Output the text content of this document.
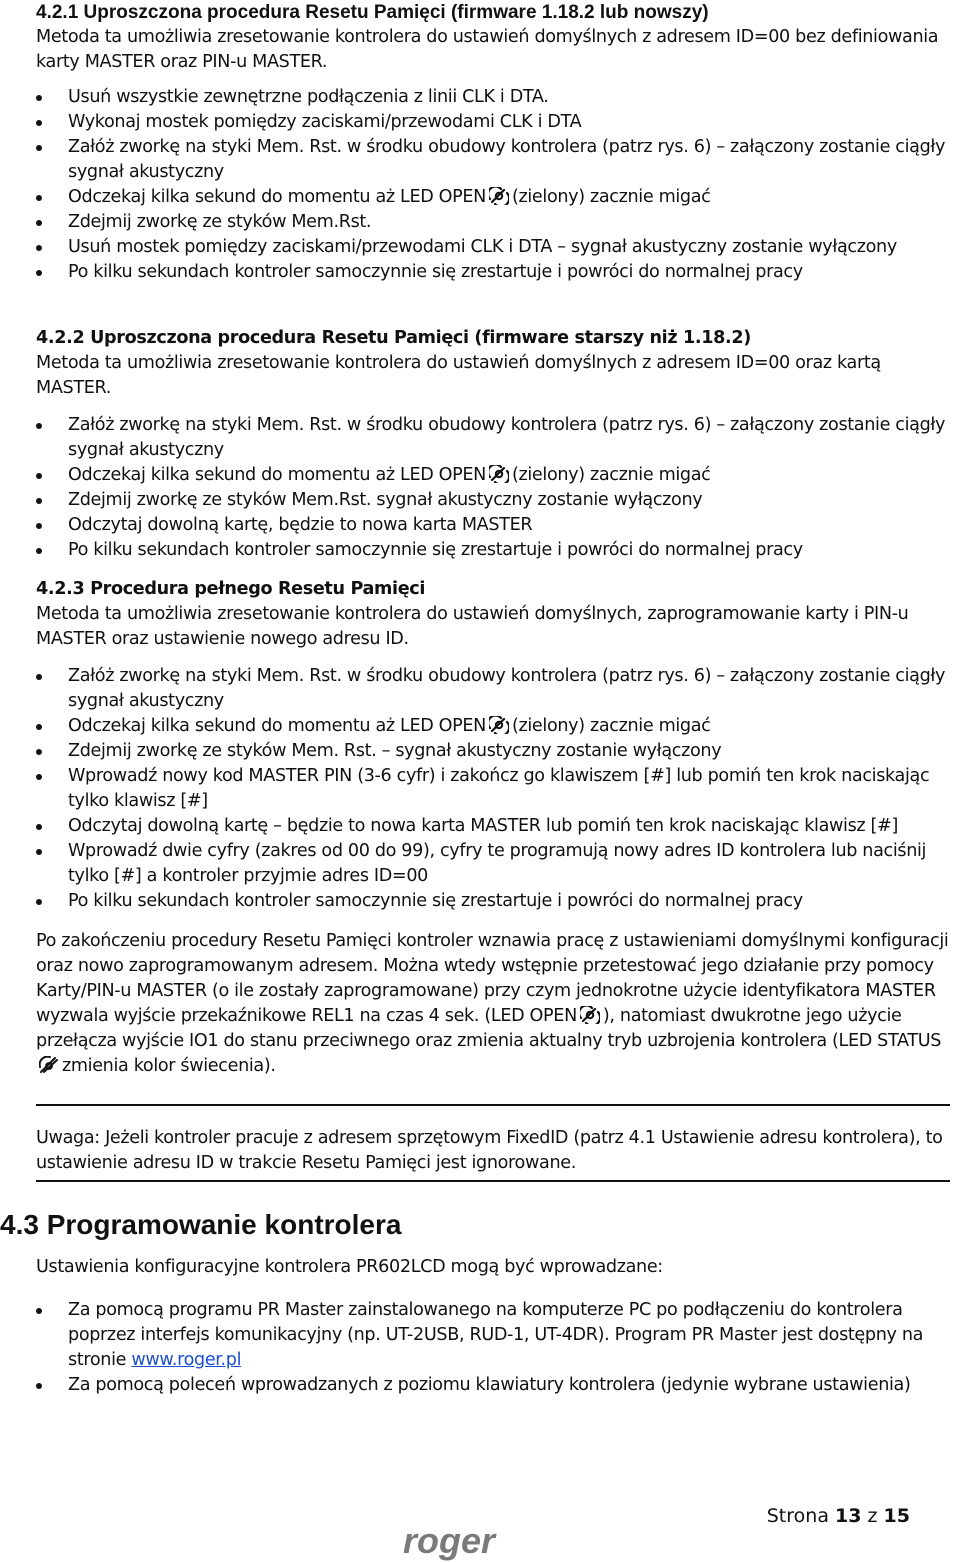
4.2.1 Uproszczona procedura Resetu Pamięci (firmware 1.18.2 lub nowszy)

Metoda ta umożliwia zresetowanie kontrolera do ustawień domyślnych z adresem ID=00 bez definiowania karty MASTER oraz PIN-u MASTER.

Usuń wszystkie zewnętrzne podłączenia z linii CLK i DTA.
Wykonaj mostek pomiędzy zaciskami/przewodami CLK i DTA
Załóż zworkę na styki Mem. Rst. w środku obudowy kontrolera (patrz rys. 6) – załączony zostanie ciągły sygnał akustyczny
Odczekaj kilka sekund do momentu aż LED OPEN (zielony) zacznie migać
Zdejmij zworkę ze styków Mem.Rst.
Usuń mostek pomiędzy zaciskami/przewodami CLK i DTA – sygnał akustyczny zostanie wyłączony
Po kilku sekundach kontroler samoczynnie się zrestartuje i powróci do normalnej pracy
4.2.2 Uproszczona procedura Resetu Pamięci (firmware starszy niż 1.18.2)

Metoda ta umożliwia zresetowanie kontrolera do ustawień domyślnych z adresem ID=00 oraz kartą MASTER.

Załóż zworkę na styki Mem. Rst. w środku obudowy kontrolera (patrz rys. 6) – załączony zostanie ciągły sygnał akustyczny
Odczekaj kilka sekund do momentu aż LED OPEN (zielony) zacznie migać
Zdejmij zworkę ze styków Mem.Rst. sygnał akustyczny zostanie wyłączony
Odczytaj dowolną kartę, będzie to nowa karta MASTER
Po kilku sekundach kontroler samoczynnie się zrestartuje i powróci do normalnej pracy
4.2.3 Procedura pełnego Resetu Pamięci

Metoda ta umożliwia zresetowanie kontrolera do ustawień domyślnych, zaprogramowanie karty i PIN-u MASTER oraz ustawienie nowego adresu ID.

Załóż zworkę na styki Mem. Rst. w środku obudowy kontrolera (patrz rys. 6) – załączony zostanie ciągły sygnał akustyczny
Odczekaj kilka sekund do momentu aż LED OPEN (zielony) zacznie migać
Zdejmij zworkę ze styków Mem. Rst. – sygnał akustyczny zostanie wyłączony
Wprowadź nowy kod MASTER PIN (3-6 cyfr) i zakończ go klawiszem [#] lub pomiń ten krok naciskając tylko klawisz [#]
Odczytaj dowolną kartę – będzie to nowa karta MASTER lub pomiń ten krok naciskając klawisz [#]
Wprowadź dwie cyfry (zakres od 00 do 99), cyfry te programują nowy adres ID kontrolera lub naciśnij tylko [#] a kontroler przyjmie adres ID=00
Po kilku sekundach kontroler samoczynnie się zrestartuje i powróci do normalnej pracy

Po zakończeniu procedury Resetu Pamięci kontroler wznawia pracę z ustawieniami domyślnymi konfiguracji oraz nowo zaprogramowanym adresem. Można wtedy wstępnie przetestować jego działanie przy pomocy Karty/PIN-u MASTER (o ile zostały zaprogramowane) przy czym jednokrotne użycie identyfikatora MASTER wyzwala wyjście przekaźnikowe REL1 na czas 4 sek. (LED OPEN ), natomiast dwukrotne jego użycie przełącza wyjście IO1 do stanu przeciwnego oraz zmienia aktualny tryb uzbrojenia kontrolera (LED STATUSzmienia kolor świecenia).

Uwaga: Jeżeli kontroler pracuje z adresem sprzętowym FixedID (patrz 4.1 Ustawienie adresu kontrolera), to ustawienie adresu ID w trakcie Resetu Pamięci jest ignorowane.

4.3 Programowanie kontrolera

Ustawienia konfiguracyjne kontrolera PR602LCD mogą być wprowadzane:

Za pomocą programu PR Master zainstalowanego na komputerze PC po podłączeniu do kontrolera poprzez interfejs komunikacyjny (np. UT-2USB, RUD-1, UT-4DR). Program PR Master jest dostępny na stronie www.roger.pl
Za pomocą poleceń wprowadzanych z poziomu klawiatury kontrolera (jedynie wybrane ustawienia)
Strona 13 z 15
roger
